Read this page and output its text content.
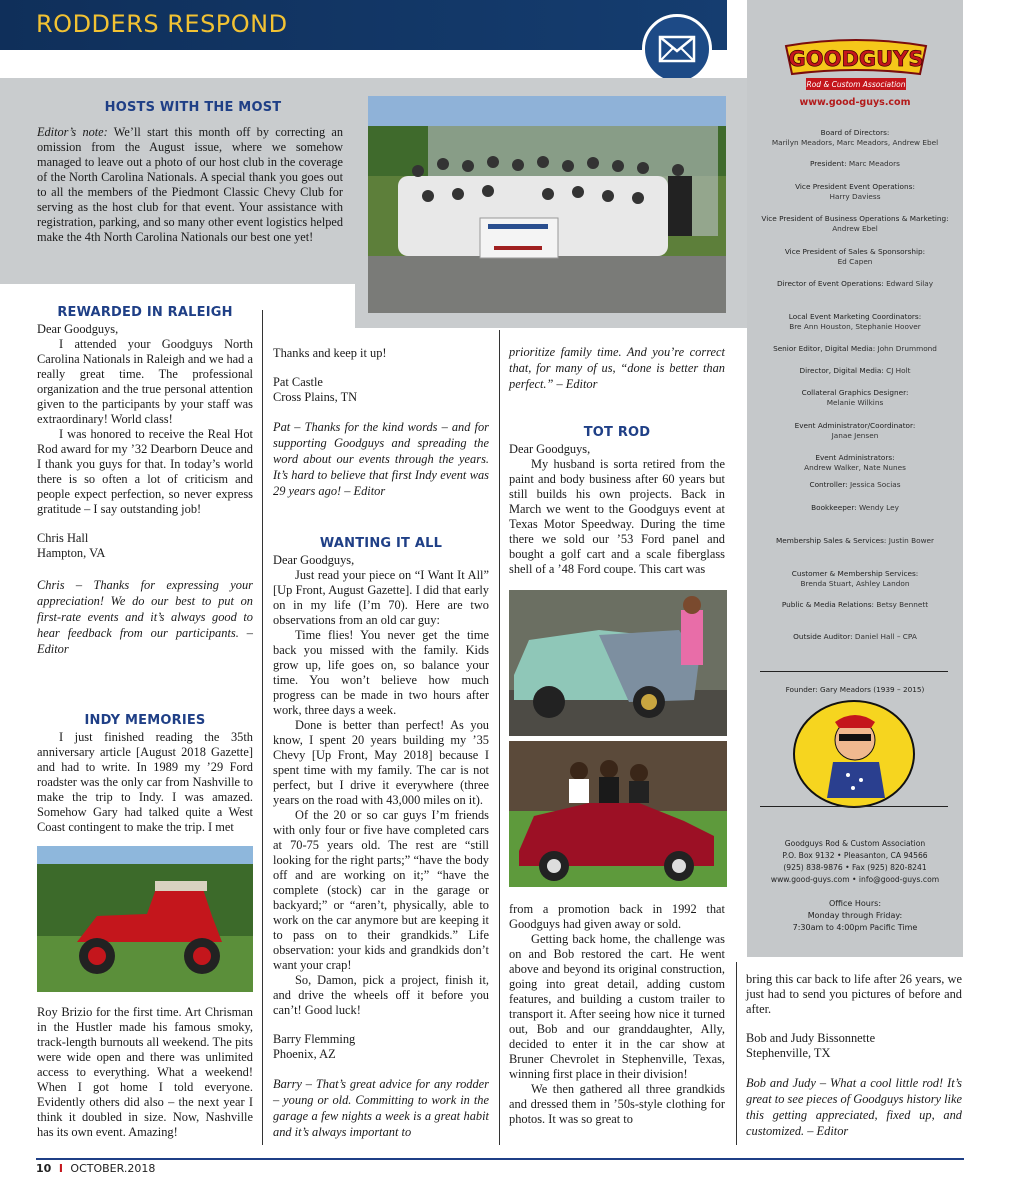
RODDERS RESPOND
HOSTS WITH THE MOST

Editor’s note: We’ll start this month off by correcting an omission from the August issue, where we somehow managed to leave out a photo of our host club in the coverage of the North Carolina Nationals. A special thank you goes out to all the members of the Piedmont Classic Chevy Club for serving as the host club for that event. Your assistance with registration, parking, and so many other event logistics helped make the 4th North Carolina Nationals our best one yet!

REWARDED IN RALEIGH

Dear Goodguys,

I attended your Goodguys North Carolina Nationals in Raleigh and we had a really great time. The professional organization and the true personal attention given to the participants by your staff was extraordinary! World class!

I was honored to receive the Real Hot Rod award for my ’32 Dearborn Deuce and I thank you guys for that. In today’s world there is so often a lot of criticism and people expect perfection, so never express gratitude – I say outstanding job!

Chris Hall

Hampton, VA

Chris – Thanks for expressing your appreciation! We do our best to put on first-rate events and it’s always good to hear feedback from our participants. – Editor

INDY MEMORIES

I just finished reading the 35th anniversary article [August 2018 Gazette] and had to write. In 1989 my ’29 Ford roadster was the only car from Nashville to make the trip to Indy. I was amazed. Somehow Gary had talked quite a West Coast contingent to make the trip. I met

Roy Brizio for the first time. Art Chrisman in the Hustler made his famous smoky, track-length burnouts all weekend. The pits were wide open and there was unlimited access to everything. What a weekend! When I got home I told everyone. Evidently others did also – the next year I think it doubled in size. Now, Nashville has its own event. Amazing!

Thanks and keep it up!

Pat Castle

Cross Plains, TN

Pat – Thanks for the kind words – and for supporting Goodguys and spreading the word about our events through the years. It’s hard to believe that first Indy event was 29 years ago! – Editor

WANTING IT ALL

Dear Goodguys,

Just read your piece on “I Want It All” [Up Front, August Gazette]. I did that early on in my life (I’m 70). Here are two observations from an old car guy:

Time flies! You never get the time back you missed with the family. Kids grow up, life goes on, so balance your time. You won’t believe how much progress can be made in two hours after work, three days a week.

Done is better than perfect! As you know, I spent 20 years building my ’35 Chevy [Up Front, May 2018] because I spent time with my family. The car is not perfect, but I drive it everywhere (three years on the road with 43,000 miles on it).

Of the 20 or so car guys I’m friends with only four or five have completed cars at 70-75 years old. The rest are “still looking for the right parts;” “have the body off and are working on it;” “have the complete (stock) car in the garage or backyard;” or “aren’t, physically, able to work on the car anymore but are keeping it to pass on to their grandkids.” Life observation: your kids and grandkids don’t want your crap!

So, Damon, pick a project, finish it, and drive the wheels off it before you can’t! Good luck!

Barry Flemming

Phoenix, AZ

Barry – That’s great advice for any rodder – young or old. Committing to work in the garage a few nights a week is a great habit and it’s always important to

prioritize family time. And you’re correct that, for many of us, “done is better than perfect.” – Editor

TOT ROD

Dear Goodguys,

My husband is sorta retired from the paint and body business after 60 years but still builds his own projects. Back in March we went to the Goodguys event at Texas Motor Speedway. During the time there we sold our ’53 Ford panel and bought a golf cart and a scale fiberglass shell of a ’48 Ford coupe. This cart was

from a promotion back in 1992 that Goodguys had given away or sold.

Getting back home, the challenge was on and Bob restored the cart. He went above and beyond its original construction, going into great detail, adding custom features, and building a custom trailer to transport it. After seeing how nice it turned out, Bob and our granddaughter, Ally, decided to enter it in the car show at Bruner Chevrolet in Stephenville, Texas, winning first place in their division!

We then gathered all three grandkids and dressed them in ’50s-style clothing for photos. It was so great to

bring this car back to life after 26 years, we just had to send you pictures of before and after.

Bob and Judy Bissonnette

Stephenville, TX

Bob and Judy – What a cool little rod! It’s great to see pieces of Goodguys history like this getting appreciated, fixed up, and customized. – Editor

GOODGUYS
Rod & Custom Association
www.good-guys.com
Board of Directors:
Marilyn Meadors, Marc Meadors, Andrew Ebel
President: Marc Meadors
Vice President Event Operations:
Harry Daviess
Vice President of Business Operations & Marketing:
Andrew Ebel
Vice President of Sales & Sponsorship:
Ed Capen
Director of Event Operations: Edward Silay
Local Event Marketing Coordinators:
Bre Ann Houston, Stephanie Hoover
Senior Editor, Digital Media: John Drummond
Director, Digital Media: CJ Holt
Collateral Graphics Designer:
Melanie Wilkins
Event Administrator/Coordinator:
Janae Jensen
Event Administrators:
Andrew Walker, Nate Nunes
Controller: Jessica Socias
Bookkeeper: Wendy Ley
Membership Sales & Services: Justin Bower
Customer & Membership Services:
Brenda Stuart, Ashley Landon
Public & Media Relations: Betsy Bennett
Outside Auditor: Daniel Hall – CPA
Founder: Gary Meadors (1939 – 2015)
Goodguys Rod & Custom Association
P.O. Box 9132 • Pleasanton, CA 94566
(925) 838-9876 • Fax (925) 820-8241
www.good-guys.com • info@good-guys.com
Office Hours:
Monday through Friday:
7:30am to 4:00pm Pacific Time
10 I OCTOBER.2018
